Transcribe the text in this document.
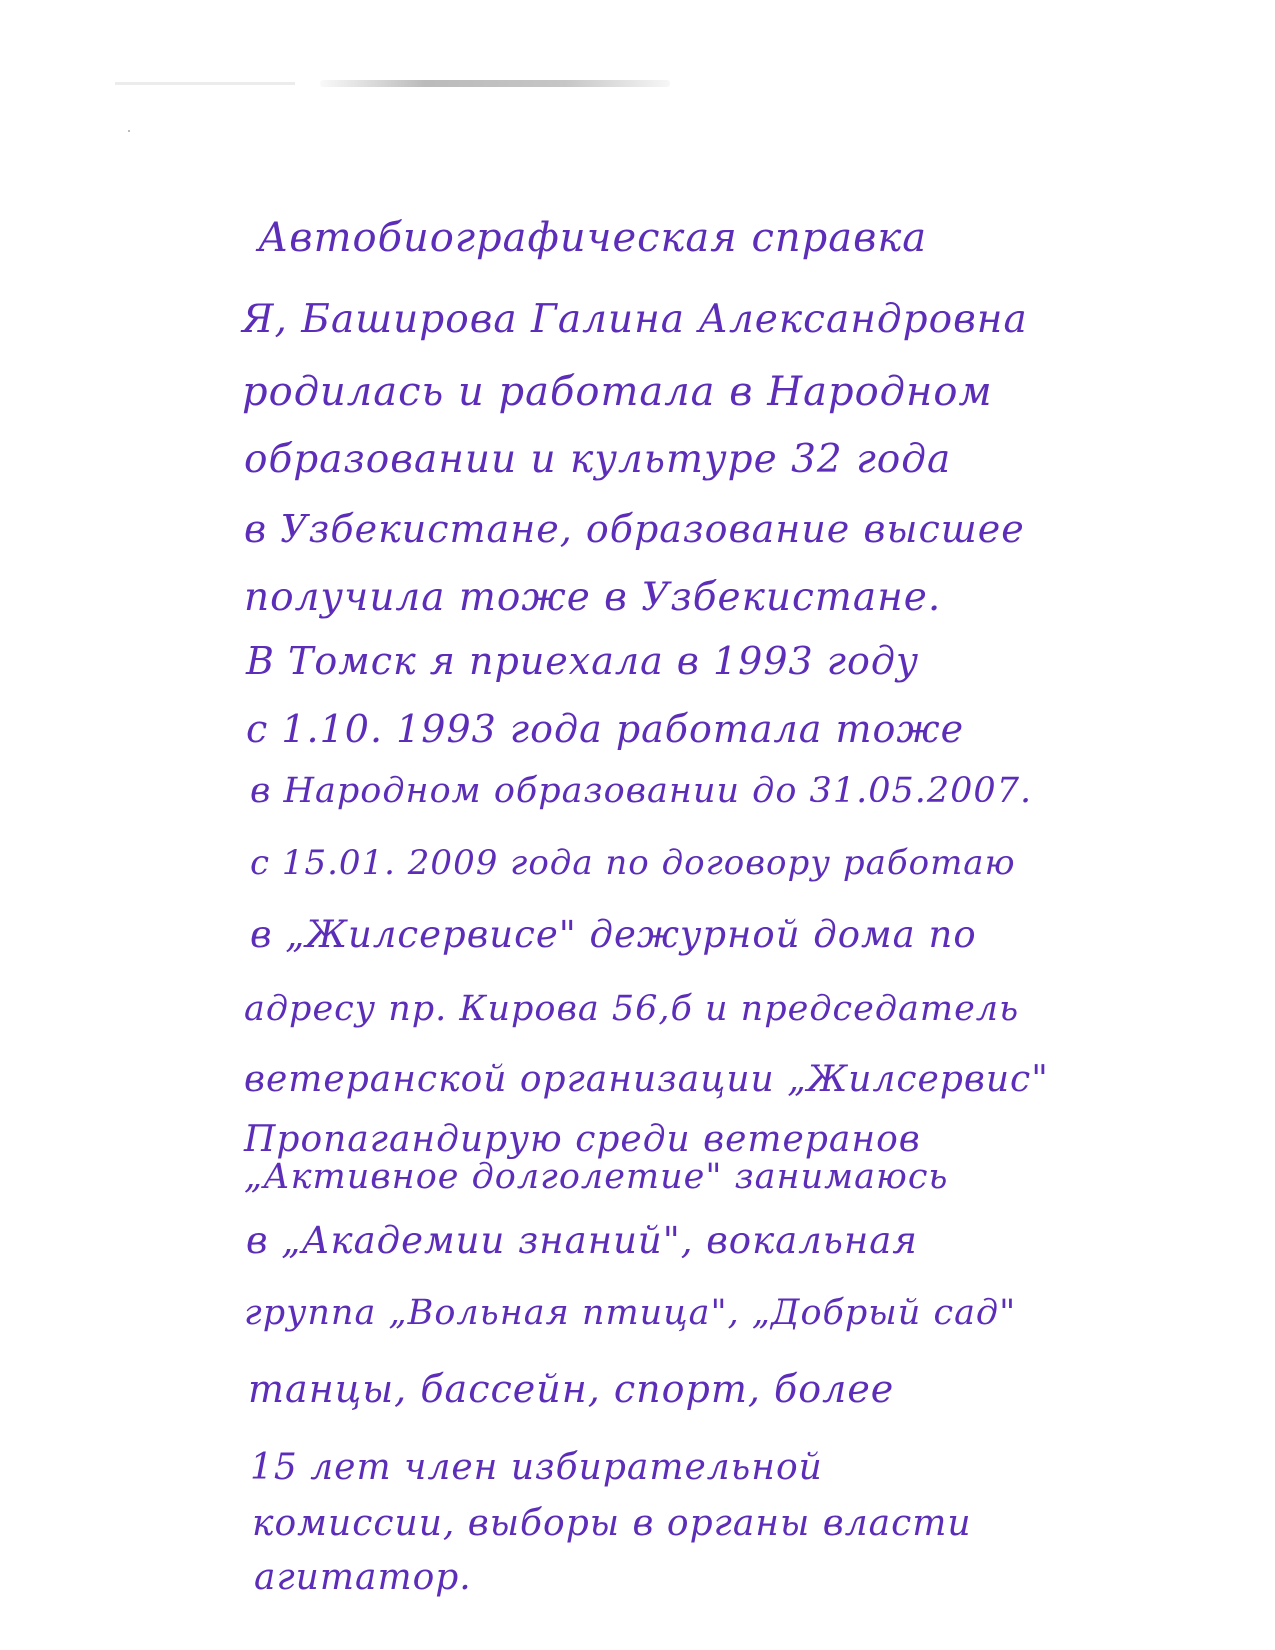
Автобиографическая справка
Я, Баширова Галина Александровна
родилась и работала в Народном
образовании и культуре 32 года
в Узбекистане, образование высшее
получила тоже в Узбекистане.
В Томск я приехала в 1993 году
с 1.10. 1993 года работала тоже
в Народном образовании до 31.05.2007.
с 15.01. 2009 года по договору работаю
в „Жилсервисе" дежурной дома по
адресу пр. Кирова 56,б и председатель
ветеранской организации „Жилсервис"
Пропагандирую среди ветеранов
„Активное долголетие" занимаюсь
в „Академии знаний", вокальная
группа „Вольная птица", „Добрый сад"
танцы, бассейн, спорт, более
15 лет член избирательной
комиссии, выборы в органы власти
агитатор.
